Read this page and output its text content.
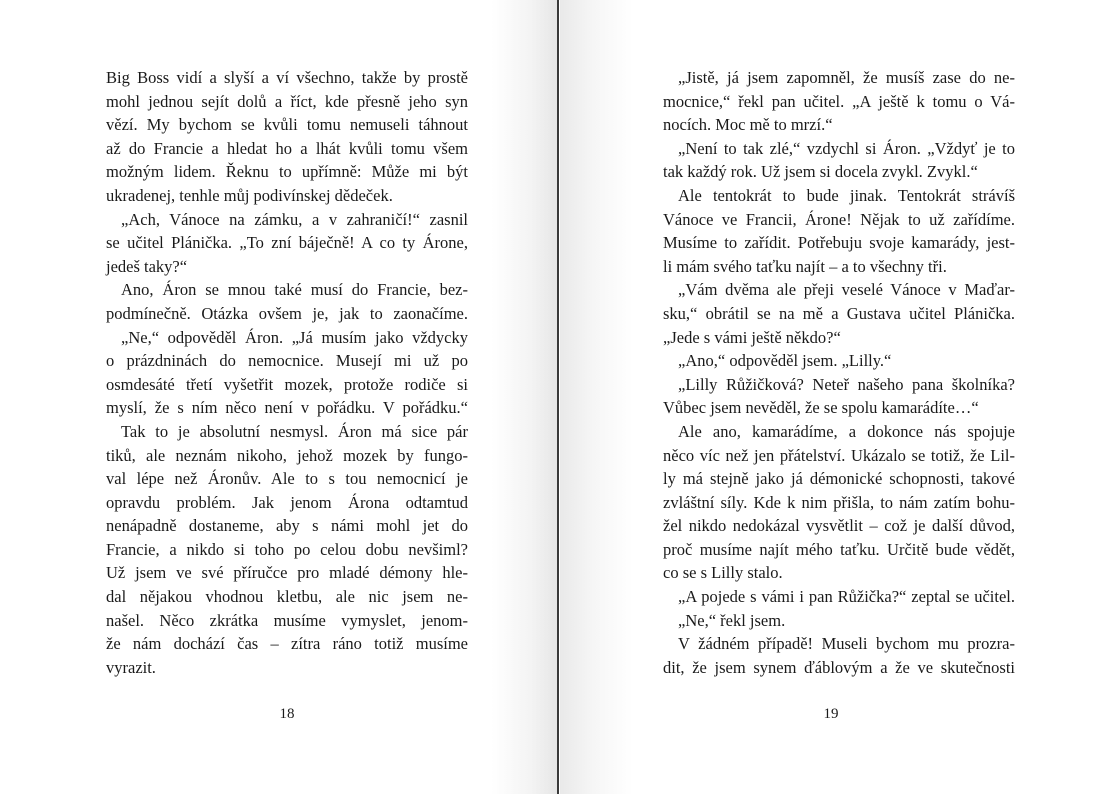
Big Boss vidí a slyší a ví všechno, takže by prostě
mohl jednou sejít dolů a říct, kde přesně jeho syn
vězí. My bychom se kvůli tomu nemuseli táhnout
až do Francie a hledat ho a lhát kvůli tomu všem
možným lidem. Řeknu to upřímně: Může mi být
ukradenej, tenhle můj podivínskej dědeček.
„Ach, Vánoce na zámku, a v zahraničí!“ zasnil
se učitel Plánička. „To zní báječně! A co ty Árone,
jedeš taky?“
Ano, Áron se mnou také musí do Francie, bez-
podmínečně. Otázka ovšem je, jak to zaonačíme.
„Ne,“ odpověděl Áron. „Já musím jako vždycky
o prázdninách do nemocnice. Musejí mi už po
osmdesáté třetí vyšetřit mozek, protože rodiče si
myslí, že s ním něco není v pořádku. V pořádku.“
Tak to je absolutní nesmysl. Áron má sice pár
tiků, ale neznám nikoho, jehož mozek by fungo-
val lépe než Áronův. Ale to s tou nemocnicí je
opravdu problém. Jak jenom Árona odtamtud
nenápadně dostaneme, aby s námi mohl jet do
Francie, a nikdo si toho po celou dobu nevšiml?
Už jsem ve své příručce pro mladé démony hle-
dal nějakou vhodnou kletbu, ale nic jsem ne-
našel. Něco zkrátka musíme vymyslet, jenom-
že nám dochází čas – zítra ráno totiž musíme
vyrazit.
18
„Jistě, já jsem zapomněl, že musíš zase do ne-
mocnice,“ řekl pan učitel. „A ještě k tomu o Vá-
nocích. Moc mě to mrzí.“
„Není to tak zlé,“ vzdychl si Áron. „Vždyť je to
tak každý rok. Už jsem si docela zvykl. Zvykl.“
Ale tentokrát to bude jinak. Tentokrát strávíš
Vánoce ve Francii, Árone! Nějak to už zařídíme.
Musíme to zařídit. Potřebuju svoje kamarády, jest-
li mám svého taťku najít – a to všechny tři.
„Vám dvěma ale přeji veselé Vánoce v Maďar-
sku,“ obrátil se na mě a Gustava učitel Plánička.
„Jede s vámi ještě někdo?“
„Ano,“ odpověděl jsem. „Lilly.“
„Lilly Růžičková? Neteř našeho pana školníka?
Vůbec jsem nevěděl, že se spolu kamarádíte…“
Ale ano, kamarádíme, a dokonce nás spojuje
něco víc než jen přátelství. Ukázalo se totiž, že Lil-
ly má stejně jako já démonické schopnosti, takové
zvláštní síly. Kde k nim přišla, to nám zatím bohu-
žel nikdo nedokázal vysvětlit – což je další důvod,
proč musíme najít mého taťku. Určitě bude vědět,
co se s Lilly stalo.
„A pojede s vámi i pan Růžička?“ zeptal se učitel.
„Ne,“ řekl jsem.
V žádném případě! Museli bychom mu prozra-
dit, že jsem synem ďáblovým a že ve skutečnosti
19
